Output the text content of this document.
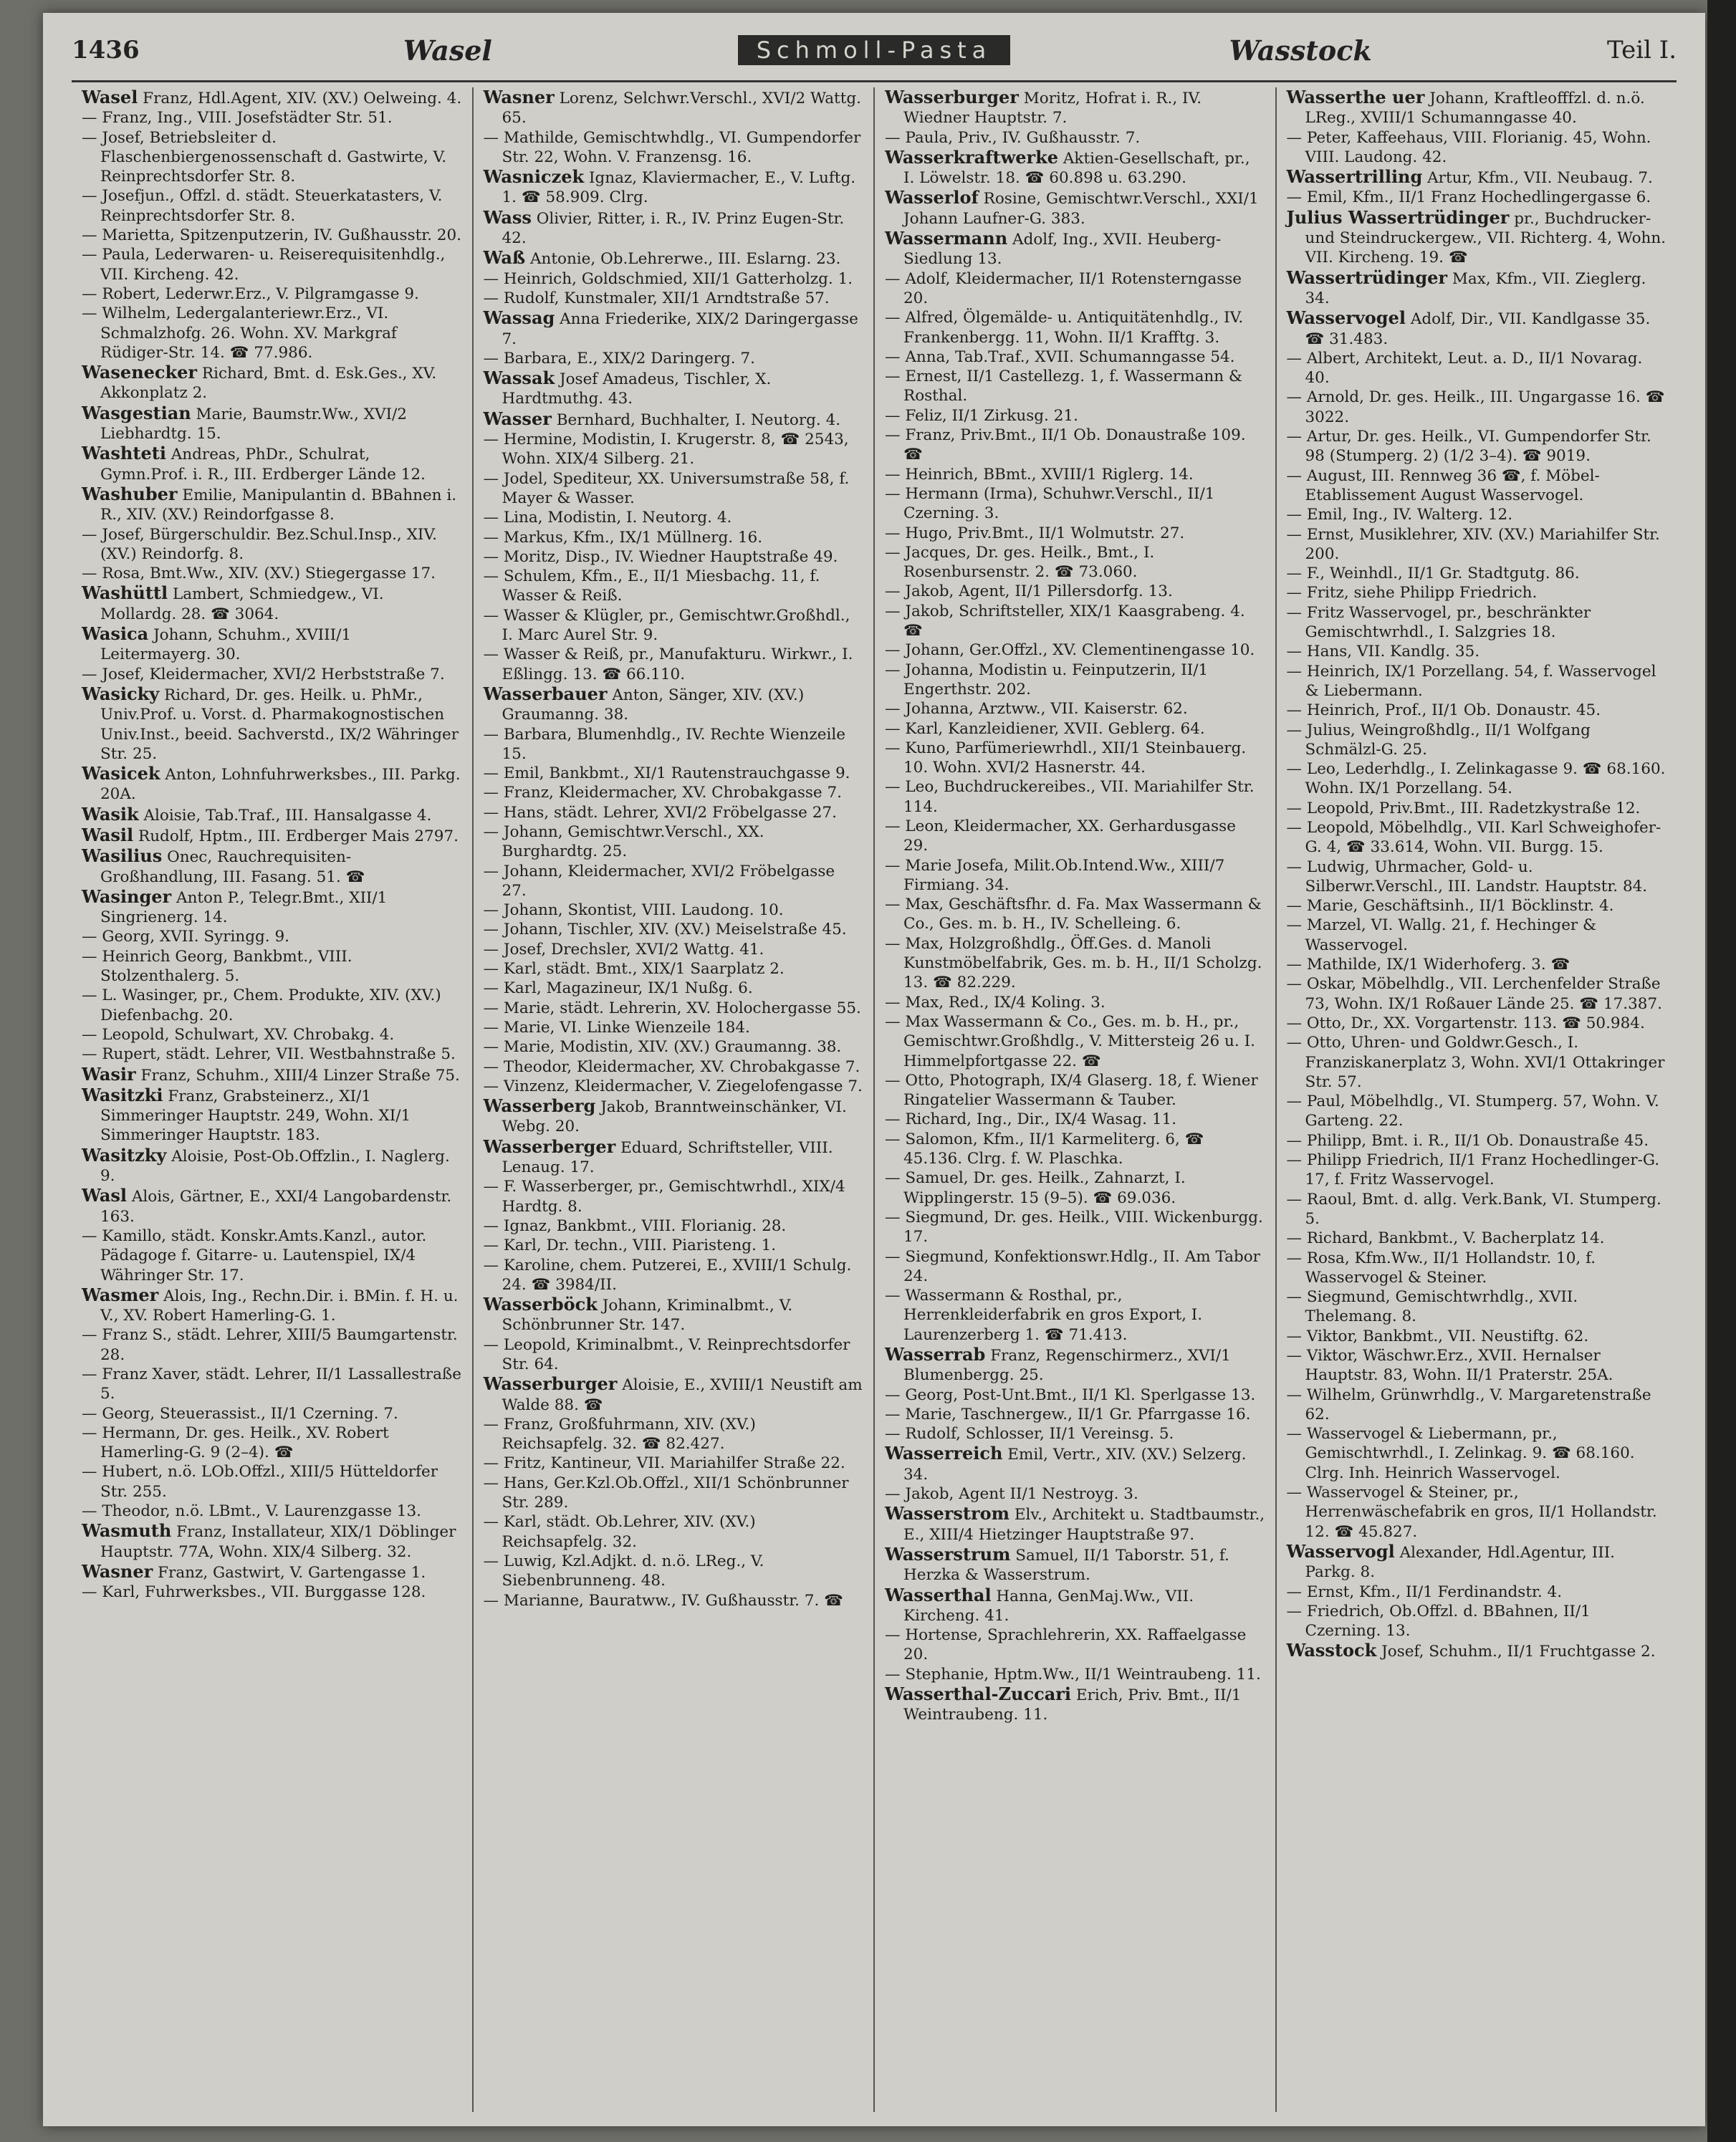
1436	Wasel	Schmoll-Pasta	Wasstock	Teil I.
Wasel Franz, Hdl.Agent, XIV. (XV.) Oelweing. 4.
— Franz, Ing., VIII. Josefstädter Str. 51.
— Josef, Betriebsleiter d. Flaschenbiergenossenschaft d. Gastwirte, V. Reinprechtsdorfer Str. 8.
— Josefjun., Offzl. d. städt. Steuerkatasters, V. Reinprechtsdorfer Str. 8.
— Marietta, Spitzenputzerin, IV. Gußhausstr. 20.
— Paula, Lederwaren- u. Reiserequisitenhdlg., VII. Kircheng. 42.
— Robert, Lederwr.Erz., V. Pilgramgasse 9.
— Wilhelm, Ledergalanteriewr.Erz., VI. Schmalzhofg. 26. Wohn. XV. Markgraf Rüdiger-Str. 14. ☎ 77.986.
Wasenecker Richard, Bmt. d. Esk.Ges., XV. Akkonplatz 2.
Wasgestian Marie, Baumstr.Ww., XVI/2 Liebhardtg. 15.
Washteti Andreas, PhDr., Schulrat, Gymn.Prof. i. R., III. Erdberger Lände 12.
Washuber Emilie, Manipulantin d. BBahnen i. R., XIV. (XV.) Reindorfgasse 8.
— Josef, Bürgerschuldir. Bez.Schul.Insp., XIV. (XV.) Reindorfg. 8.
— Rosa, Bmt.Ww., XIV. (XV.) Stiegergasse 17.
Washüttl Lambert, Schmiedgew., VI. Mollardg. 28. ☎ 3064.
Wasica Johann, Schuhm., XVIII/1 Leitermayerg. 30.
— Josef, Kleidermacher, XVI/2 Herbststraße 7.
Wasicky Richard, Dr. ges. Heilk. u. PhMr., Univ.Prof. u. Vorst. d. Pharmakognostischen Univ.Inst., beeid. Sachverstd., IX/2 Währinger Str. 25.
Wasicek Anton, Lohnfuhrwerksbes., III. Parkg. 20A.
Wasik Aloisie, Tab.Traf., III. Hansalgasse 4.
Wasil Rudolf, Hptm., III. Erdberger Mais 2797.
Wasilius Onec, Rauchrequisiten-Großhandlung, III. Fasang. 51. ☎
Wasinger Anton P., Telegr.Bmt., XII/1 Singrienerg. 14.
— Georg, XVII. Syringg. 9.
— Heinrich Georg, Bankbmt., VIII. Stolzenthalerg. 5.
— L. Wasinger, pr., Chem. Produkte, XIV. (XV.) Diefenbachg. 20.
— Leopold, Schulwart, XV. Chrobakg. 4.
— Rupert, städt. Lehrer, VII. Westbahnstraße 5.
Wasir Franz, Schuhm., XIII/4 Linzer Straße 75.
Wasitzki Franz, Grabsteinerz., XI/1 Simmeringer Hauptstr. 249, Wohn. XI/1 Simmeringer Hauptstr. 183.
Wasitzky Aloisie, Post-Ob.Offzlin., I. Naglerg. 9.
Wasl Alois, Gärtner, E., XXI/4 Langobardenstr. 163.
— Kamillo, städt. Konskr.Amts.Kanzl., autor. Pädagoge f. Gitarre- u. Lautenspiel, IX/4 Währinger Str. 17.
Wasmer Alois, Ing., Rechn.Dir. i. BMin. f. H. u. V., XV. Robert Hamerling-G. 1.
— Franz S., städt. Lehrer, XIII/5 Baumgartenstr. 28.
— Franz Xaver, städt. Lehrer, II/1 Lassallestraße 5.
— Georg, Steuerassist., II/1 Czerning. 7.
— Hermann, Dr. ges. Heilk., XV. Robert Hamerling-G. 9 (2–4). ☎
— Hubert, n.ö. LOb.Offzl., XIII/5 Hütteldorfer Str. 255.
— Theodor, n.ö. LBmt., V. Laurenzgasse 13.
Wasmuth Franz, Installateur, XIX/1 Döblinger Hauptstr. 77A, Wohn. XIX/4 Silberg. 32.
Wasner Franz, Gastwirt, V. Gartengasse 1.
— Karl, Fuhrwerksbes., VII. Burggasse 128.
Wasner Lorenz, Selchwr.Verschl., XVI/2 Wattg. 65.
— Mathilde, Gemischtwhdlg., VI. Gumpendorfer Str. 22, Wohn. V. Franzensg. 16.
Wasniczek Ignaz, Klaviermacher, E., V. Luftg. 1. ☎ 58.909. Clrg.
Wass Olivier, Ritter, i. R., IV. Prinz Eugen-Str. 42.
Waß Antonie, Ob.Lehrerwe., III. Eslarng. 23.
— Heinrich, Goldschmied, XII/1 Gatterholzg. 1.
— Rudolf, Kunstmaler, XII/1 Arndtstraße 57.
Wassag Anna Friederike, XIX/2 Daringergasse 7.
— Barbara, E., XIX/2 Daringerg. 7.
Wassak Josef Amadeus, Tischler, X. Hardtmuthg. 43.
Wasser Bernhard, Buchhalter, I. Neutorg. 4.
— Hermine, Modistin, I. Krugerstr. 8, ☎ 2543, Wohn. XIX/4 Silberg. 21.
— Jodel, Spediteur, XX. Universumstraße 58, f. Mayer & Wasser.
— Lina, Modistin, I. Neutorg. 4.
— Markus, Kfm., IX/1 Müllnerg. 16.
— Moritz, Disp., IV. Wiedner Hauptstraße 49.
— Schulem, Kfm., E., II/1 Miesbachg. 11, f. Wasser & Reiß.
— Wasser & Klügler, pr., Gemischtwr.Großhdl., I. Marc Aurel Str. 9.
— Wasser & Reiß, pr., Manufakturu. Wirkwr., I. Eßlingg. 13. ☎ 66.110.
Wasserbauer Anton, Sänger, XIV. (XV.) Graumanng. 38.
— Barbara, Blumenhdlg., IV. Rechte Wienzeile 15.
— Emil, Bankbmt., XI/1 Rautenstrauchgasse 9.
— Franz, Kleidermacher, XV. Chrobakgasse 7.
— Hans, städt. Lehrer, XVI/2 Fröbelgasse 27.
— Johann, Gemischtwr.Verschl., XX. Burghardtg. 25.
— Johann, Kleidermacher, XVI/2 Fröbelgasse 27.
— Johann, Skontist, VIII. Laudong. 10.
— Johann, Tischler, XIV. (XV.) Meiselstraße 45.
— Josef, Drechsler, XVI/2 Wattg. 41.
— Karl, städt. Bmt., XIX/1 Saarplatz 2.
— Karl, Magazineur, IX/1 Nußg. 6.
— Marie, städt. Lehrerin, XV. Holochergasse 55.
— Marie, VI. Linke Wienzeile 184.
— Marie, Modistin, XIV. (XV.) Graumanng. 38.
— Theodor, Kleidermacher, XV. Chrobakgasse 7.
— Vinzenz, Kleidermacher, V. Ziegelofengasse 7.
Wasserberg Jakob, Branntweinschänker, VI. Webg. 20.
Wasserberger Eduard, Schriftsteller, VIII. Lenaug. 17.
— F. Wasserberger, pr., Gemischtwrhdl., XIX/4 Hardtg. 8.
— Ignaz, Bankbmt., VIII. Florianig. 28.
— Karl, Dr. techn., VIII. Piaristeng. 1.
— Karoline, chem. Putzerei, E., XVIII/1 Schulg. 24. ☎ 3984/II.
Wasserböck Johann, Kriminalbmt., V. Schönbrunner Str. 147.
— Leopold, Kriminalbmt., V. Reinprechtsdorfer Str. 64.
Wasserburger Aloisie, E., XVIII/1 Neustift am Walde 88. ☎
— Franz, Großfuhrmann, XIV. (XV.) Reichsapfelg. 32. ☎ 82.427.
— Fritz, Kantineur, VII. Mariahilfer Straße 22.
— Hans, Ger.Kzl.Ob.Offzl., XII/1 Schönbrunner Str. 289.
— Karl, städt. Ob.Lehrer, XIV. (XV.) Reichsapfelg. 32.
— Luwig, Kzl.Adjkt. d. n.ö. LReg., V. Siebenbrunneng. 48.
— Marianne, Bauratww., IV. Gußhausstr. 7. ☎
Wasserburger Moritz, Hofrat i. R., IV. Wiedner Hauptstr. 7.
— Paula, Priv., IV. Gußhausstr. 7.
Wasserkraftwerke Aktien-Gesellschaft, pr., I. Löwelstr. 18. ☎ 60.898 u. 63.290.
Wasserlof Rosine, Gemischtwr.Verschl., XXI/1 Johann Laufner-G. 383.
Wassermann Adolf, Ing., XVII. Heuberg-Siedlung 13.
— Adolf, Kleidermacher, II/1 Rotensterngasse 20.
— Alfred, Ölgemälde- u. Antiquitätenhdlg., IV. Frankenbergg. 11, Wohn. II/1 Krafftg. 3.
— Anna, Tab.Traf., XVII. Schumanngasse 54.
— Ernest, II/1 Castellezg. 1, f. Wassermann & Rosthal.
— Feliz, II/1 Zirkusg. 21.
— Franz, Priv.Bmt., II/1 Ob. Donaustraße 109. ☎
— Heinrich, BBmt., XVIII/1 Riglerg. 14.
— Hermann (Irma), Schuhwr.Verschl., II/1 Czerning. 3.
— Hugo, Priv.Bmt., II/1 Wolmutstr. 27.
— Jacques, Dr. ges. Heilk., Bmt., I. Rosenbursenstr. 2. ☎ 73.060.
— Jakob, Agent, II/1 Pillersdorfg. 13.
— Jakob, Schriftsteller, XIX/1 Kaasgrabeng. 4. ☎
— Johann, Ger.Offzl., XV. Clementinengasse 10.
— Johanna, Modistin u. Feinputzerin, II/1 Engerthstr. 202.
— Johanna, Arztww., VII. Kaiserstr. 62.
— Karl, Kanzleidiener, XVII. Geblerg. 64.
— Kuno, Parfümeriewrhdl., XII/1 Steinbauerg. 10. Wohn. XVI/2 Hasnerstr. 44.
— Leo, Buchdruckereibes., VII. Mariahilfer Str. 114.
— Leon, Kleidermacher, XX. Gerhardusgasse 29.
— Marie Josefa, Milit.Ob.Intend.Ww., XIII/7 Firmiang. 34.
— Max, Geschäftsfhr. d. Fa. Max Wassermann & Co., Ges. m. b. H., IV. Schelleing. 6.
— Max, Holzgroßhdlg., Öff.Ges. d. Manoli Kunstmöbelfabrik, Ges. m. b. H., II/1 Scholzg. 13. ☎ 82.229.
— Max, Red., IX/4 Koling. 3.
— Max Wassermann & Co., Ges. m. b. H., pr., Gemischtwr.Großhdlg., V. Mittersteig 26 u. I. Himmelpfortgasse 22. ☎
— Otto, Photograph, IX/4 Glaserg. 18, f. Wiener Ringatelier Wassermann & Tauber.
— Richard, Ing., Dir., IX/4 Wasag. 11.
— Salomon, Kfm., II/1 Karmeliterg. 6, ☎ 45.136. Clrg. f. W. Plaschka.
— Samuel, Dr. ges. Heilk., Zahnarzt, I. Wipplingerstr. 15 (9–5). ☎ 69.036.
— Siegmund, Dr. ges. Heilk., VIII. Wickenburgg. 17.
— Siegmund, Konfektionswr.Hdlg., II. Am Tabor 24.
— Wassermann & Rosthal, pr., Herrenkleiderfabrik en gros Export, I. Laurenzerberg 1. ☎ 71.413.
Wasserrab Franz, Regenschirmerz., XVI/1 Blumenbergg. 25.
— Georg, Post-Unt.Bmt., II/1 Kl. Sperlgasse 13.
— Marie, Taschnergew., II/1 Gr. Pfarrgasse 16.
— Rudolf, Schlosser, II/1 Vereinsg. 5.
Wasserreich Emil, Vertr., XIV. (XV.) Selzerg. 34.
— Jakob, Agent II/1 Nestroyg. 3.
Wasserstrom Elv., Architekt u. Stadtbaumstr., E., XIII/4 Hietzinger Hauptstraße 97.
Wasserstrum Samuel, II/1 Taborstr. 51, f. Herzka & Wasserstrum.
Wasserthal Hanna, GenMaj.Ww., VII. Kircheng. 41.
— Hortense, Sprachlehrerin, XX. Raffaelgasse 20.
— Stephanie, Hptm.Ww., II/1 Weintraubeng. 11.
Wasserthal-Zuccari Erich, Priv. Bmt., II/1 Weintraubeng. 11.
Wasserthe uer Johann, Kraftleofffzl. d. n.ö. LReg., XVIII/1 Schumanngasse 40.
— Peter, Kaffeehaus, VIII. Florianig. 45, Wohn. VIII. Laudong. 42.
Wassertrilling Artur, Kfm., VII. Neubaug. 7.
— Emil, Kfm., II/1 Franz Hochedlingergasse 6.
Julius Wassertrüdinger pr., Buchdrucker- und Steindruckergew., VII. Richterg. 4, Wohn. VII. Kircheng. 19. ☎
Wassertrüdinger Max, Kfm., VII. Zieglerg. 34.
Wasservogel Adolf, Dir., VII. Kandlgasse 35. ☎ 31.483.
— Albert, Architekt, Leut. a. D., II/1 Novarag. 40.
— Arnold, Dr. ges. Heilk., III. Ungargasse 16. ☎ 3022.
— Artur, Dr. ges. Heilk., VI. Gumpendorfer Str. 98 (Stumperg. 2) (1/2 3–4). ☎ 9019.
— August, III. Rennweg 36 ☎, f. Möbel-Etablissement August Wasservogel.
— Emil, Ing., IV. Walterg. 12.
— Ernst, Musiklehrer, XIV. (XV.) Mariahilfer Str. 200.
— F., Weinhdl., II/1 Gr. Stadtgutg. 86.
— Fritz, siehe Philipp Friedrich.
— Fritz Wasservogel, pr., beschränkter Gemischtwrhdl., I. Salzgries 18.
— Hans, VII. Kandlg. 35.
— Heinrich, IX/1 Porzellang. 54, f. Wasservogel & Liebermann.
— Heinrich, Prof., II/1 Ob. Donaustr. 45.
— Julius, Weingroßhdlg., II/1 Wolfgang Schmälzl-G. 25.
— Leo, Lederhdlg., I. Zelinkagasse 9. ☎ 68.160. Wohn. IX/1 Porzellang. 54.
— Leopold, Priv.Bmt., III. Radetzkystraße 12.
— Leopold, Möbelhdlg., VII. Karl Schweighofer-G. 4, ☎ 33.614, Wohn. VII. Burgg. 15.
— Ludwig, Uhrmacher, Gold- u. Silberwr.Verschl., III. Landstr. Hauptstr. 84.
— Marie, Geschäftsinh., II/1 Böcklinstr. 4.
— Marzel, VI. Wallg. 21, f. Hechinger & Wasservogel.
— Mathilde, IX/1 Widerhoferg. 3. ☎
— Oskar, Möbelhdlg., VII. Lerchenfelder Straße 73, Wohn. IX/1 Roßauer Lände 25. ☎ 17.387.
— Otto, Dr., XX. Vorgartenstr. 113. ☎ 50.984.
— Otto, Uhren- und Goldwr.Gesch., I. Franziskanerplatz 3, Wohn. XVI/1 Ottakringer Str. 57.
— Paul, Möbelhdlg., VI. Stumperg. 57, Wohn. V. Garteng. 22.
— Philipp, Bmt. i. R., II/1 Ob. Donaustraße 45.
— Philipp Friedrich, II/1 Franz Hochedlinger-G. 17, f. Fritz Wasservogel.
— Raoul, Bmt. d. allg. Verk.Bank, VI. Stumperg. 5.
— Richard, Bankbmt., V. Bacherplatz 14.
— Rosa, Kfm.Ww., II/1 Hollandstr. 10, f. Wasservogel & Steiner.
— Siegmund, Gemischtwrhdlg., XVII. Thelemang. 8.
— Viktor, Bankbmt., VII. Neustiftg. 62.
— Viktor, Wäschwr.Erz., XVII. Hernalser Hauptstr. 83, Wohn. II/1 Praterstr. 25A.
— Wilhelm, Grünwrhdlg., V. Margaretenstraße 62.
— Wasservogel & Liebermann, pr., Gemischtwrhdl., I. Zelinkag. 9. ☎ 68.160. Clrg. Inh. Heinrich Wasservogel.
— Wasservogel & Steiner, pr., Herrenwäschefabrik en gros, II/1 Hollandstr. 12. ☎ 45.827.
Wasservogl Alexander, Hdl.Agentur, III. Parkg. 8.
— Ernst, Kfm., II/1 Ferdinandstr. 4.
— Friedrich, Ob.Offzl. d. BBahnen, II/1 Czerning. 13.
Wasstock Josef, Schuhm., II/1 Fruchtgasse 2.
